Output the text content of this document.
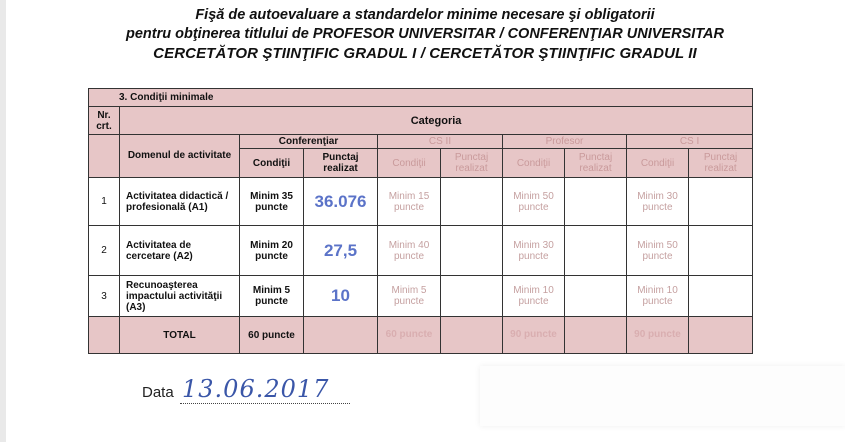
Fişă de autoevaluare a standardelor minime necesare şi obligatorii
pentru obţinerea titlului de PROFESOR UNIVERSITAR / CONFERENŢIAR UNIVERSITAR
CERCETĂTOR ŞTIINŢIFIC GRADUL I / CERCETĂTOR ŞTIINŢIFIC GRADUL II
3. Condiţii minimale									
Nr. crt.	Categoria								
	Domenul de activitate	Conferenţiar		CS II		Profesor		CS I	
		Condiţii	Punctaj realizat	Condiţii	Punctaj realizat	Condiţii	Punctaj realizat	Condiţii	Punctaj realizat
1	Activitatea didactică / profesională (A1)	Minim 35 puncte	36.076	Minim 15 puncte		Minim 50 puncte		Minim 30 puncte	
2	Activitatea de cercetare (A2)	Minim 20 puncte	27,5	Minim 40 puncte		Minim 30 puncte		Minim 50 puncte	
3	Recunoaşterea impactului activităţii (A3)	Minim 5 puncte	10	Minim 5 puncte		Minim 10 puncte		Minim 10 puncte	
	TOTAL	60 puncte		60 puncte		90 puncte		90 puncte	
Data 13.06.2017
